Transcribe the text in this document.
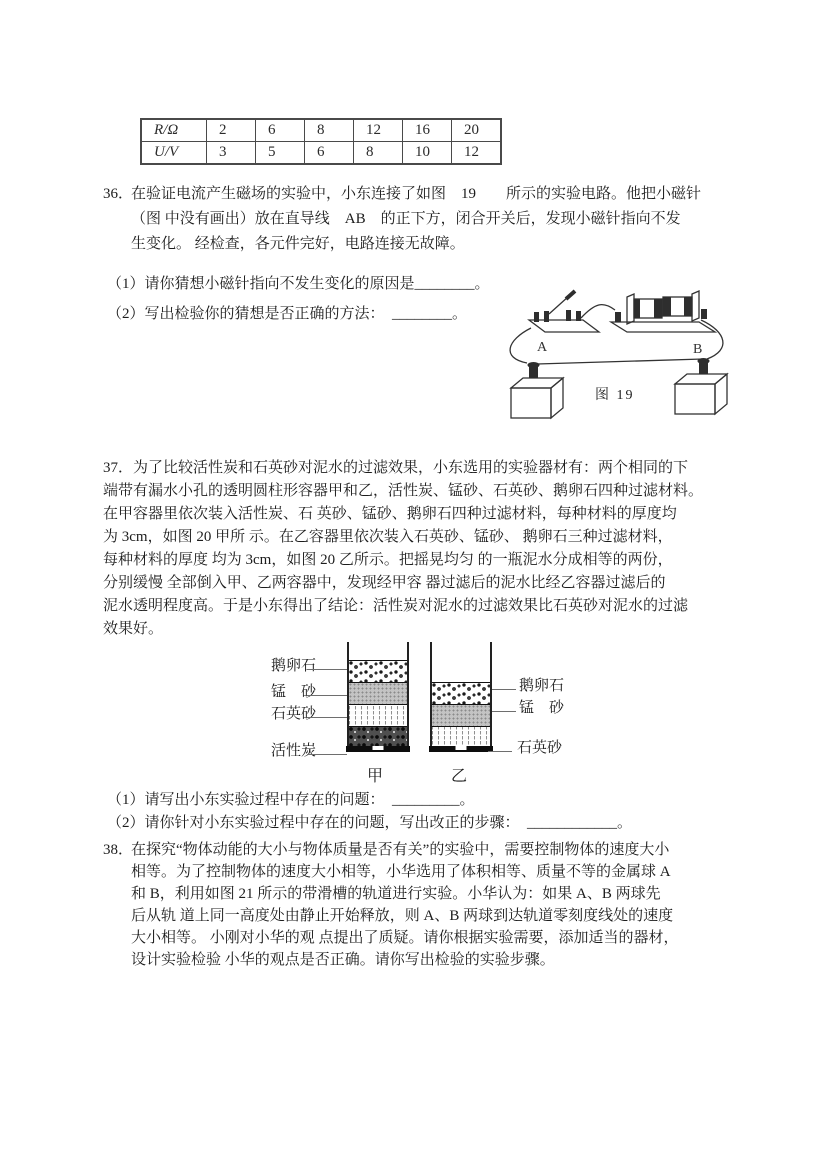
R/Ω	2	6	8	12	16	20
U/V	3	5	6	8	10	12
36．
在验证电流产生磁场的实验中，小东连接了如图　19　　所示的实验电路。他把小磁针
（图 中没有画出）放在直导线　AB　的正下方，闭合开关后，发现小磁针指向不发
生变化。 经检查，各元件完好，电路连接无故障。
（1）请你猜想小磁针指向不发生变化的原因是________。
（2）写出检验你的猜想是否正确的方法：　________。
A	B
图 19
37．为了比较活性炭和石英砂对泥水的过滤效果，小东选用的实验器材有：两个相同的下
端带有漏水小孔的透明圆柱形容器甲和乙，活性炭、锰砂、石英砂、鹅卵石四种过滤材料。
在甲容器里依次装入活性炭、石 英砂、锰砂、鹅卵石四种过滤材料，每种材料的厚度均
为 3cm，如图 20 甲所 示。在乙容器里依次装入石英砂、锰砂、 鹅卵石三种过滤材料，
每种材料的厚度 均为 3cm，如图 20 乙所示。把摇晃均匀 的一瓶泥水分成相等的两份，
分别缓慢 全部倒入甲、乙两容器中，发现经甲容 器过滤后的泥水比经乙容器过滤后的
泥水透明程度高。于是小东得出了结论：活性炭对泥水的过滤效果比石英砂对泥水的过滤
效果好。
鹅卵石
锰　砂
石英砂
活性炭
鹅卵石
锰　砂
石英砂
甲	乙
（1）请写出小东实验过程中存在的问题：　_________。
（2）请你针对小东实验过程中存在的问题，写出改正的步骤：　____________。
38．
在探究“物体动能的大小与物体质量是否有关”的实验中，需要控制物体的速度大小
相等。为了控制物体的速度大小相等，小华选用了体积相等、质量不等的金属球 A
和 B，利用如图 21 所示的带滑槽的轨道进行实验。小华认为：如果 A、B 两球先
后从轨 道上同一高度处由静止开始释放，则 A、B 两球到达轨道零刻度线处的速度
大小相等。 小刚对小华的观 点提出了质疑。请你根据实验需要，添加适当的器材，
设计实验检验 小华的观点是否正确。请你写出检验的实验步骤。
